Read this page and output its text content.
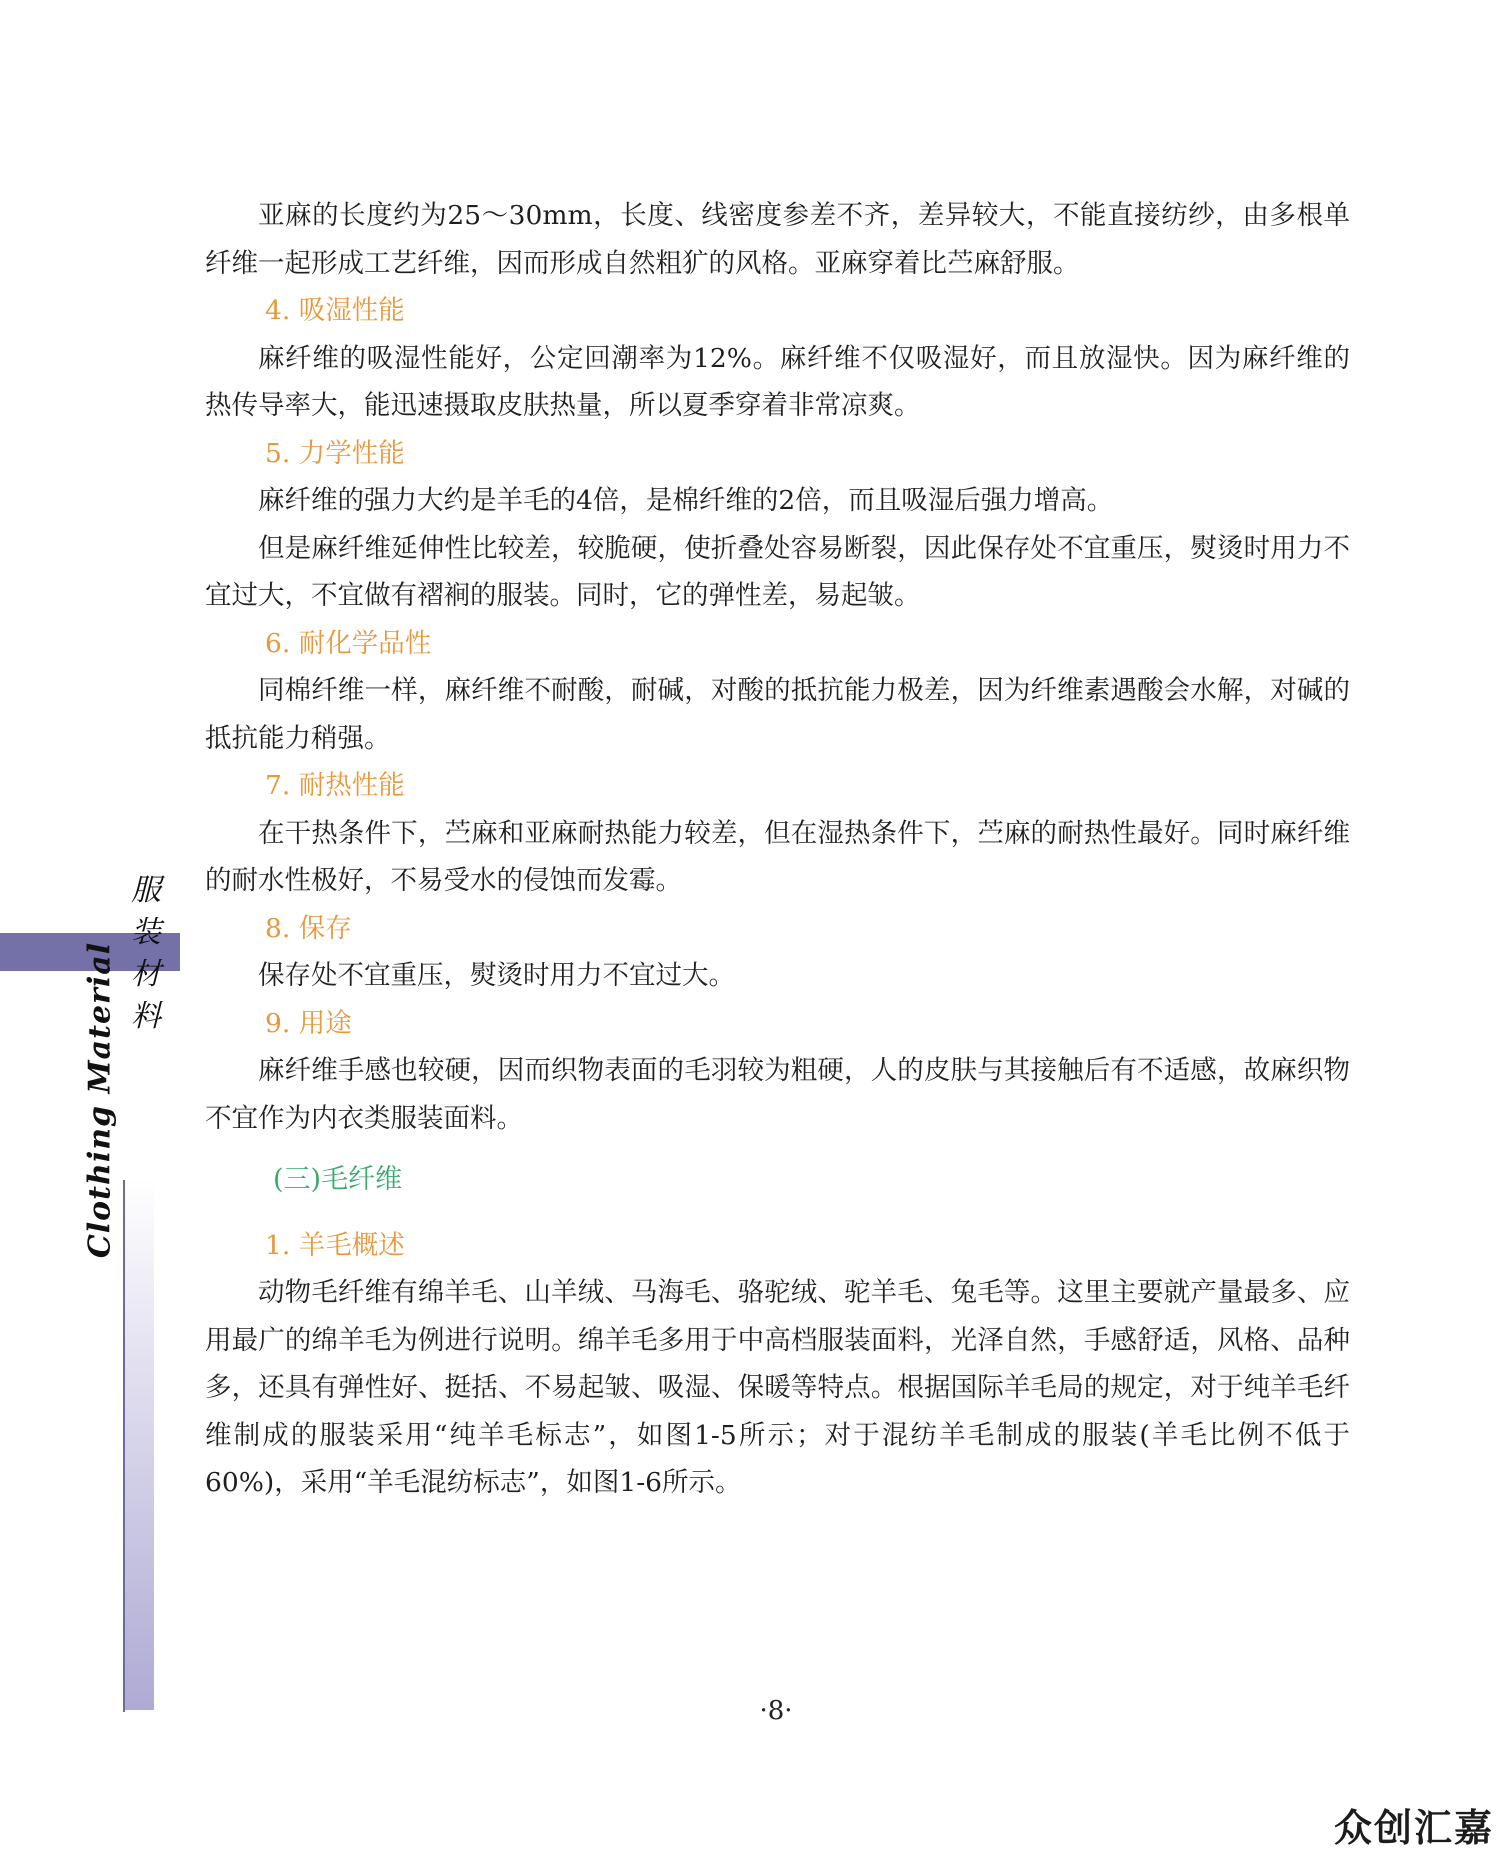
服装材料
Clothing Material

亚麻的长度约为25～30mm，长度、线密度参差不齐，差异较大，不能直接纺纱，由多根单纤维一起形成工艺纤维，因而形成自然粗犷的风格。亚麻穿着比苎麻舒服。

4. 吸湿性能

麻纤维的吸湿性能好，公定回潮率为12%。麻纤维不仅吸湿好，而且放湿快。因为麻纤维的热传导率大，能迅速摄取皮肤热量，所以夏季穿着非常凉爽。

5. 力学性能

麻纤维的强力大约是羊毛的4倍，是棉纤维的2倍，而且吸湿后强力增高。

但是麻纤维延伸性比较差，较脆硬，使折叠处容易断裂，因此保存处不宜重压，熨烫时用力不宜过大，不宜做有褶裥的服装。同时，它的弹性差，易起皱。

6. 耐化学品性

同棉纤维一样，麻纤维不耐酸，耐碱，对酸的抵抗能力极差，因为纤维素遇酸会水解，对碱的抵抗能力稍强。

7. 耐热性能

在干热条件下，苎麻和亚麻耐热能力较差，但在湿热条件下，苎麻的耐热性最好。同时麻纤维的耐水性极好，不易受水的侵蚀而发霉。

8. 保存

保存处不宜重压，熨烫时用力不宜过大。

9. 用途

麻纤维手感也较硬，因而织物表面的毛羽较为粗硬，人的皮肤与其接触后有不适感，故麻织物不宜作为内衣类服装面料。

(三)毛纤维

1. 羊毛概述

动物毛纤维有绵羊毛、山羊绒、马海毛、骆驼绒、驼羊毛、兔毛等。这里主要就产量最多、应用最广的绵羊毛为例进行说明。绵羊毛多用于中高档服装面料，光泽自然，手感舒适，风格、品种多，还具有弹性好、挺括、不易起皱、吸湿、保暖等特点。根据国际羊毛局的规定，对于纯羊毛纤维制成的服装采用“纯羊毛标志”，如图1-5所示；对于混纺羊毛制成的服装(羊毛比例不低于60%)，采用“羊毛混纺标志”，如图1-6所示。

·8·
众创汇嘉
